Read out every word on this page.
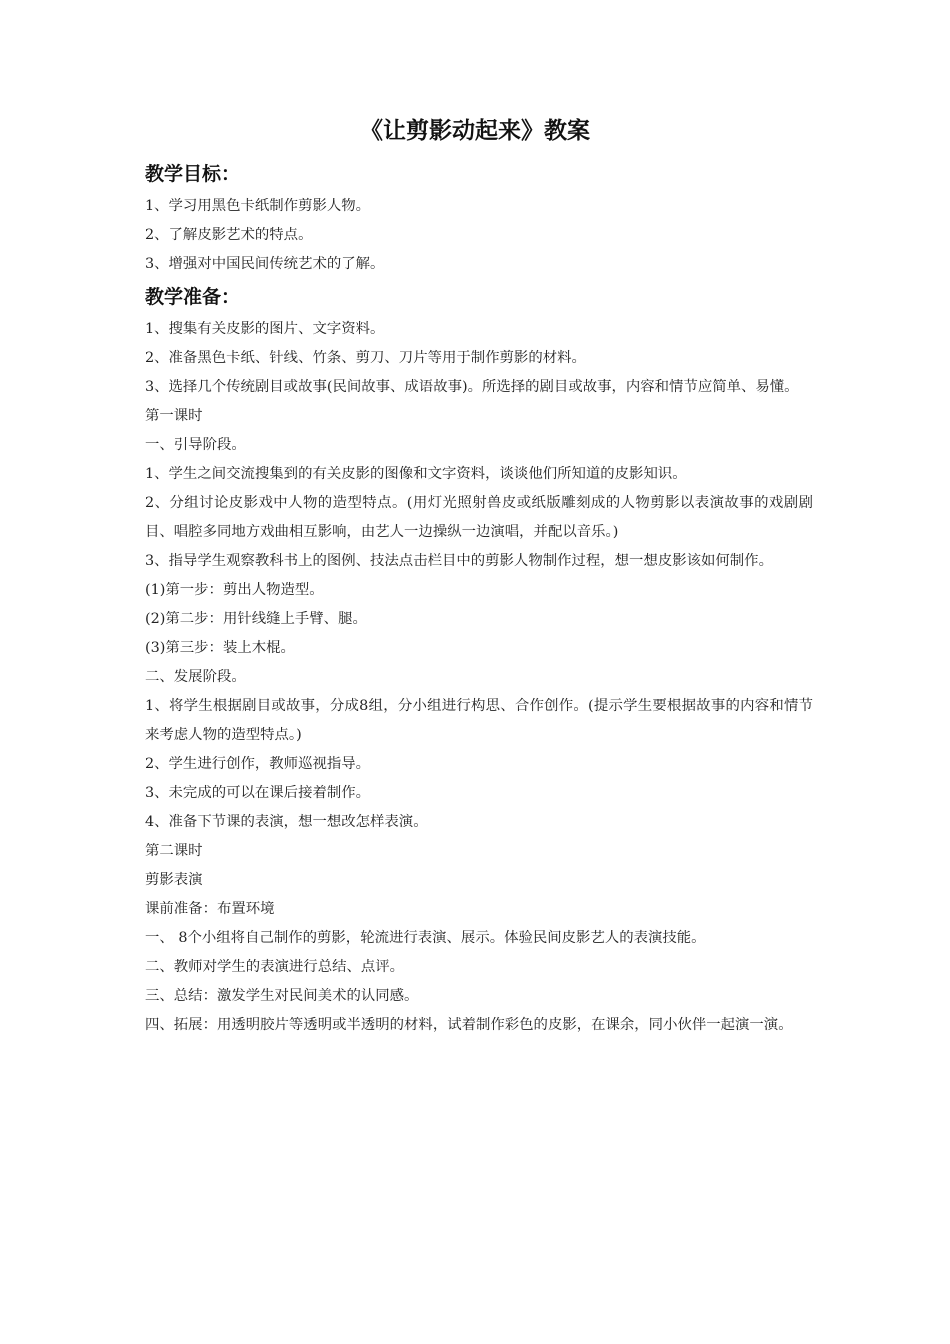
《让剪影动起来》教案
教学目标：
1、学习用黑色卡纸制作剪影人物。
2、了解皮影艺术的特点。
3、增强对中国民间传统艺术的了解。
教学准备：
1、搜集有关皮影的图片、文字资料。
2、准备黑色卡纸、针线、竹条、剪刀、刀片等用于制作剪影的材料。
3、选择几个传统剧目或故事(民间故事、成语故事)。所选择的剧目或故事，内容和情节应简单、易懂。
第一课时
一、引导阶段。
1、学生之间交流搜集到的有关皮影的图像和文字资料，谈谈他们所知道的皮影知识。
2、分组讨论皮影戏中人物的造型特点。(用灯光照射兽皮或纸版雕刻成的人物剪影以表演故事的戏剧剧目、唱腔多同地方戏曲相互影响，由艺人一边操纵一边演唱，并配以音乐。)
3、指导学生观察教科书上的图例、技法点击栏目中的剪影人物制作过程，想一想皮影该如何制作。
(1)第一步：剪出人物造型。
(2)第二步：用针线缝上手臂、腿。
(3)第三步：装上木棍。
二、发展阶段。
1、将学生根据剧目或故事，分成8组，分小组进行构思、合作创作。(提示学生要根据故事的内容和情节来考虑人物的造型特点。)
2、学生进行创作，教师巡视指导。
3、未完成的可以在课后接着制作。
4、准备下节课的表演，想一想改怎样表演。
第二课时
剪影表演
课前准备：布置环境
一、 8个小组将自己制作的剪影，轮流进行表演、展示。体验民间皮影艺人的表演技能。
二、教师对学生的表演进行总结、点评。
三、总结：激发学生对民间美术的认同感。
四、拓展：用透明胶片等透明或半透明的材料，试着制作彩色的皮影，在课余，同小伙伴一起演一演。
